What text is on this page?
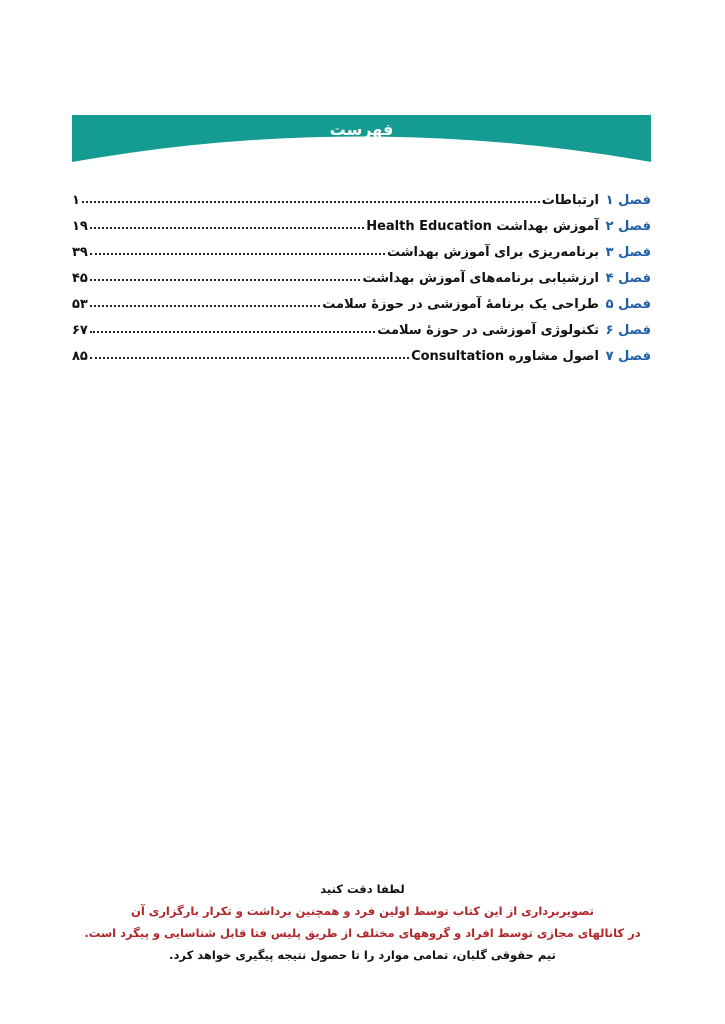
فهرست
فصل ۱
ارتباطات
۱
فصل ۲
آموزش بهداشت Health Education
۱۹
فصل ۳
برنامه‌ریزی برای آموزش بهداشت
۳۹
فصل ۴
ارزشیابی برنامه‌های آموزش بهداشت
۴۵
فصل ۵
طراحی یک برنامهٔ آموزشی در حوزهٔ سلامت
۵۳
فصل ۶
تکنولوژی آموزشی در حوزهٔ سلامت
۶۷
فصل ۷
اصول مشاوره Consultation
۸۵
لطفا دقت کنید
تصویربرداری از این کتاب توسط اولین فرد و همچنین برداشت و تکرار بارگزاری آن
در کانالهای مجازی توسط افراد و گروههای مختلف از طریق پلیس فتا قابل شناسایی و پیگرد است.
تیم حقوقی گلبان، تمامی موارد را تا حصول نتیجه پیگیری خواهد کرد.
